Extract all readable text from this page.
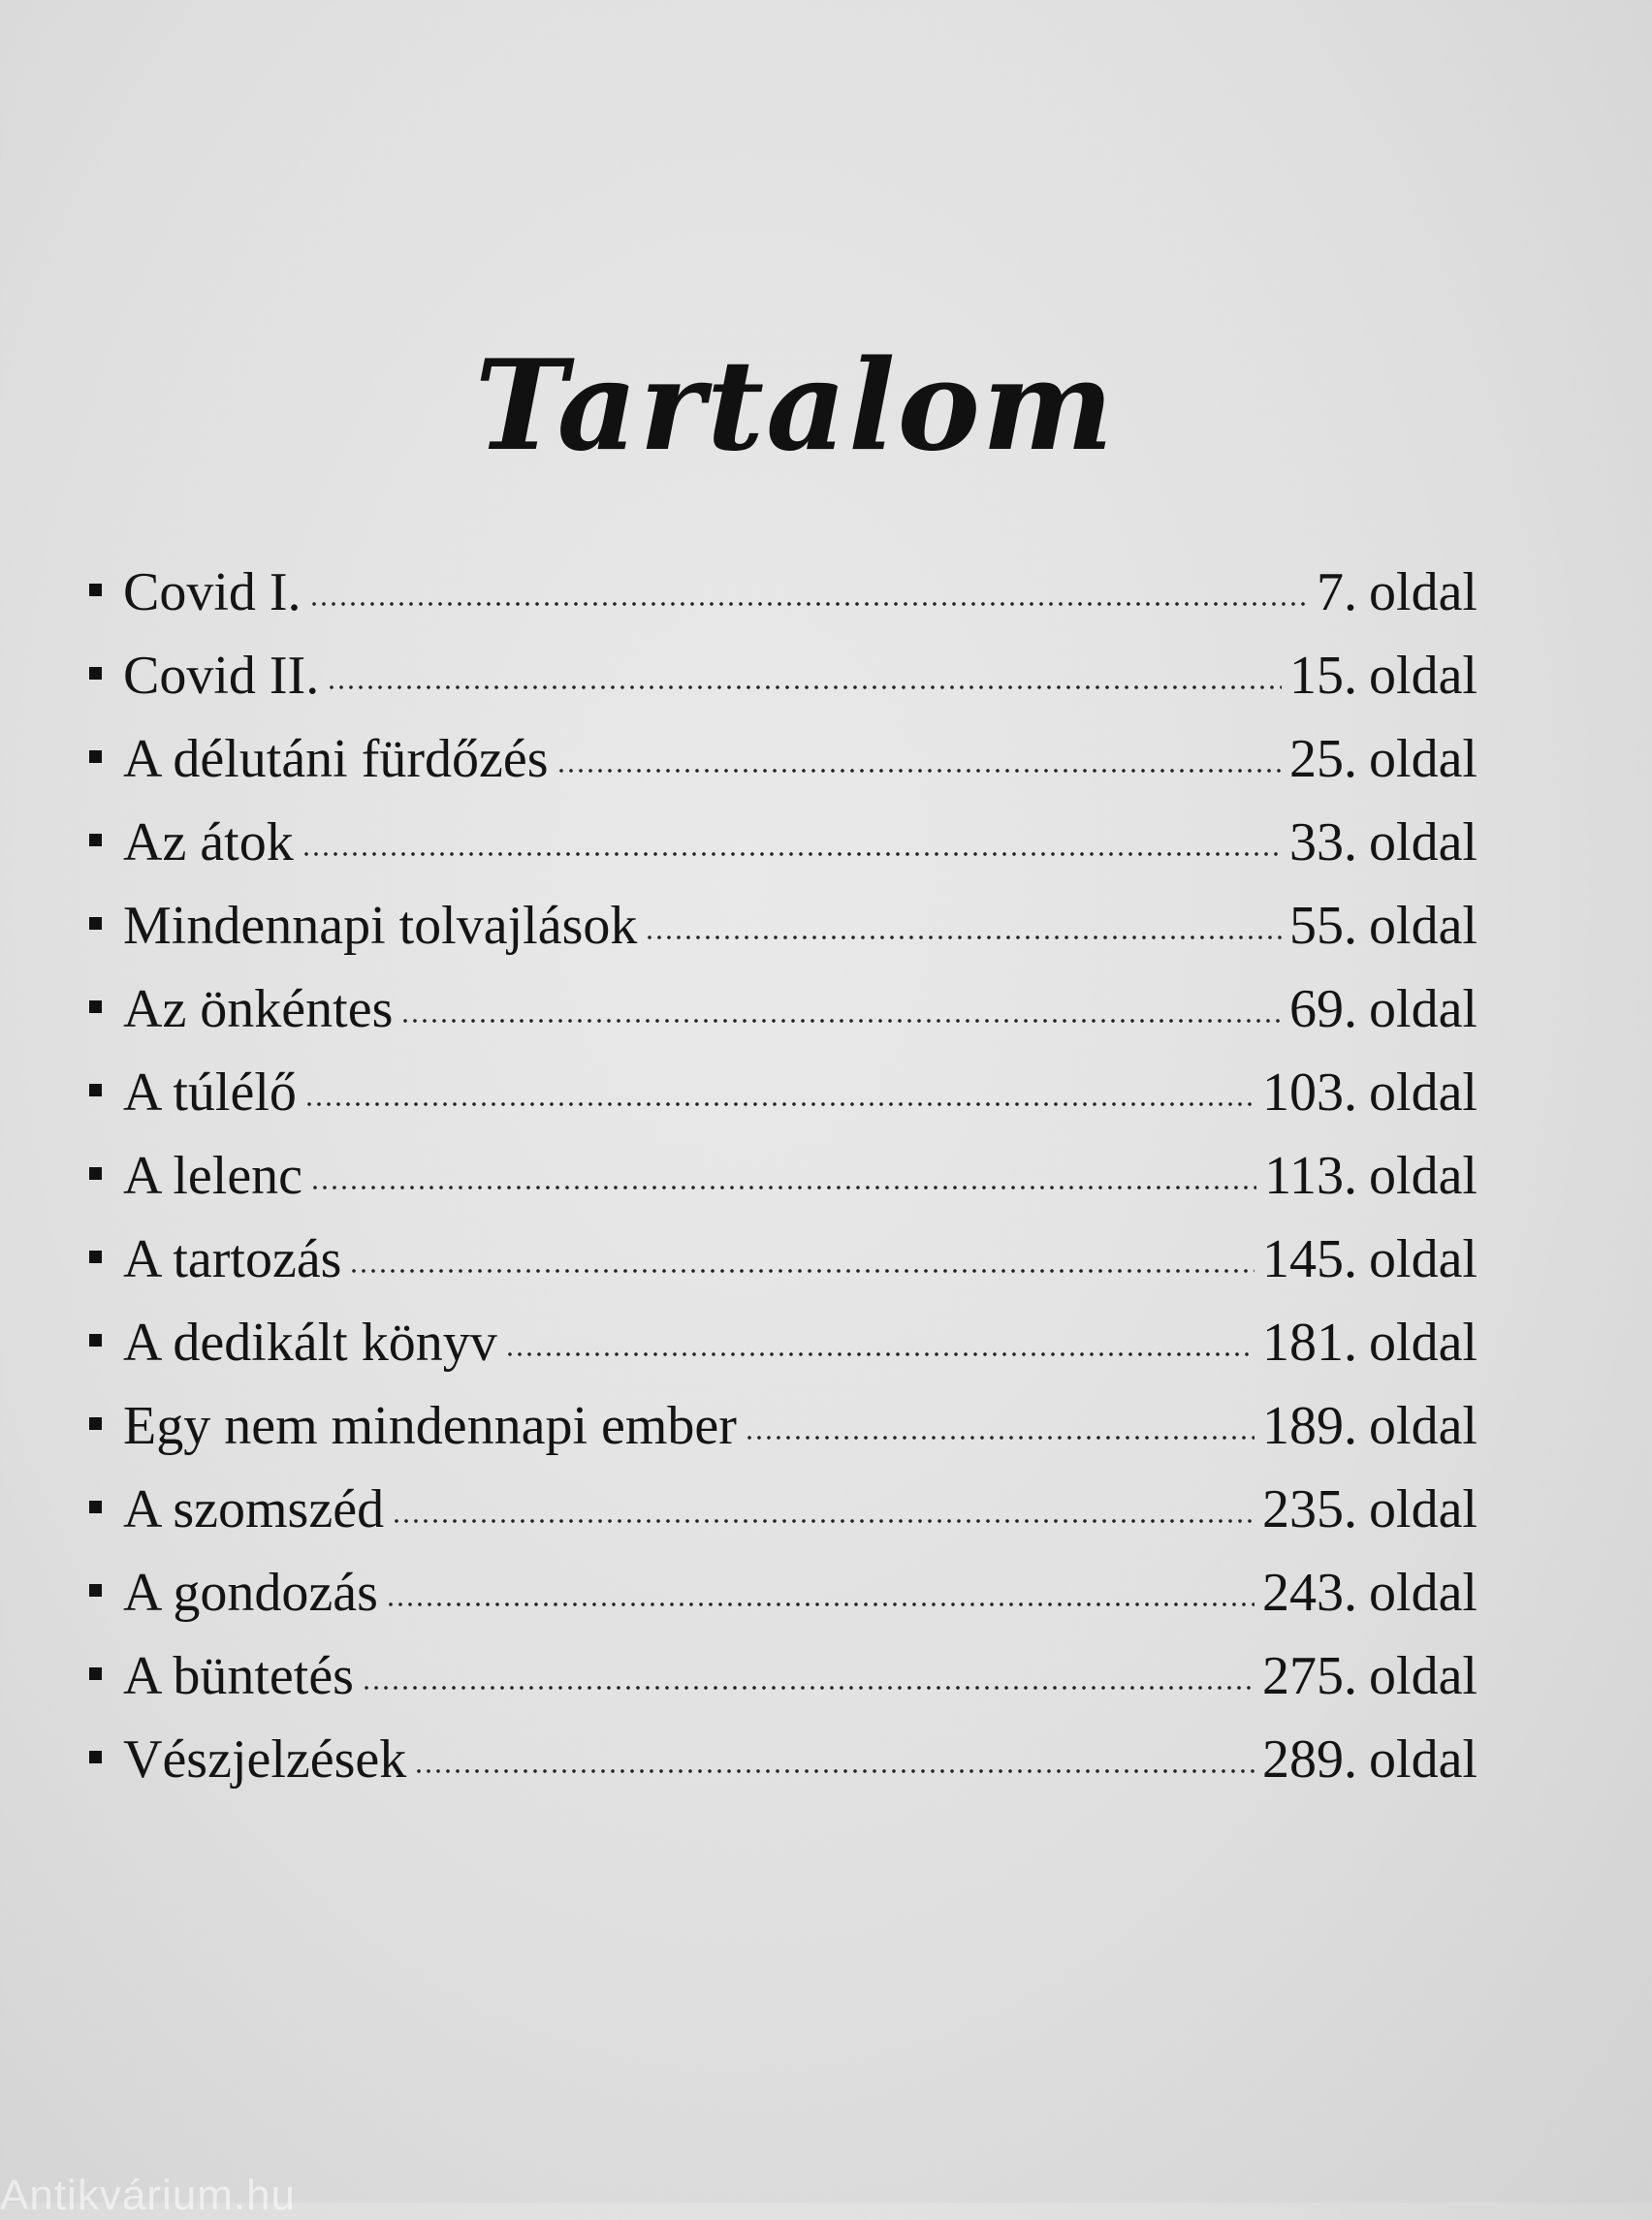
Tartalom
Covid I.	7. oldal
Covid II.	15. oldal
A délutáni fürdőzés	25. oldal
Az átok	33. oldal
Mindennapi tolvajlások	55. oldal
Az önkéntes	69. oldal
A túlélő	103. oldal
A lelenc	113. oldal
A tartozás	145. oldal
A dedikált könyv	181. oldal
Egy nem mindennapi ember	189. oldal
A szomszéd	235. oldal
A gondozás	243. oldal
A büntetés	275. oldal
Vészjelzések	289. oldal
Antikvárium.hu
